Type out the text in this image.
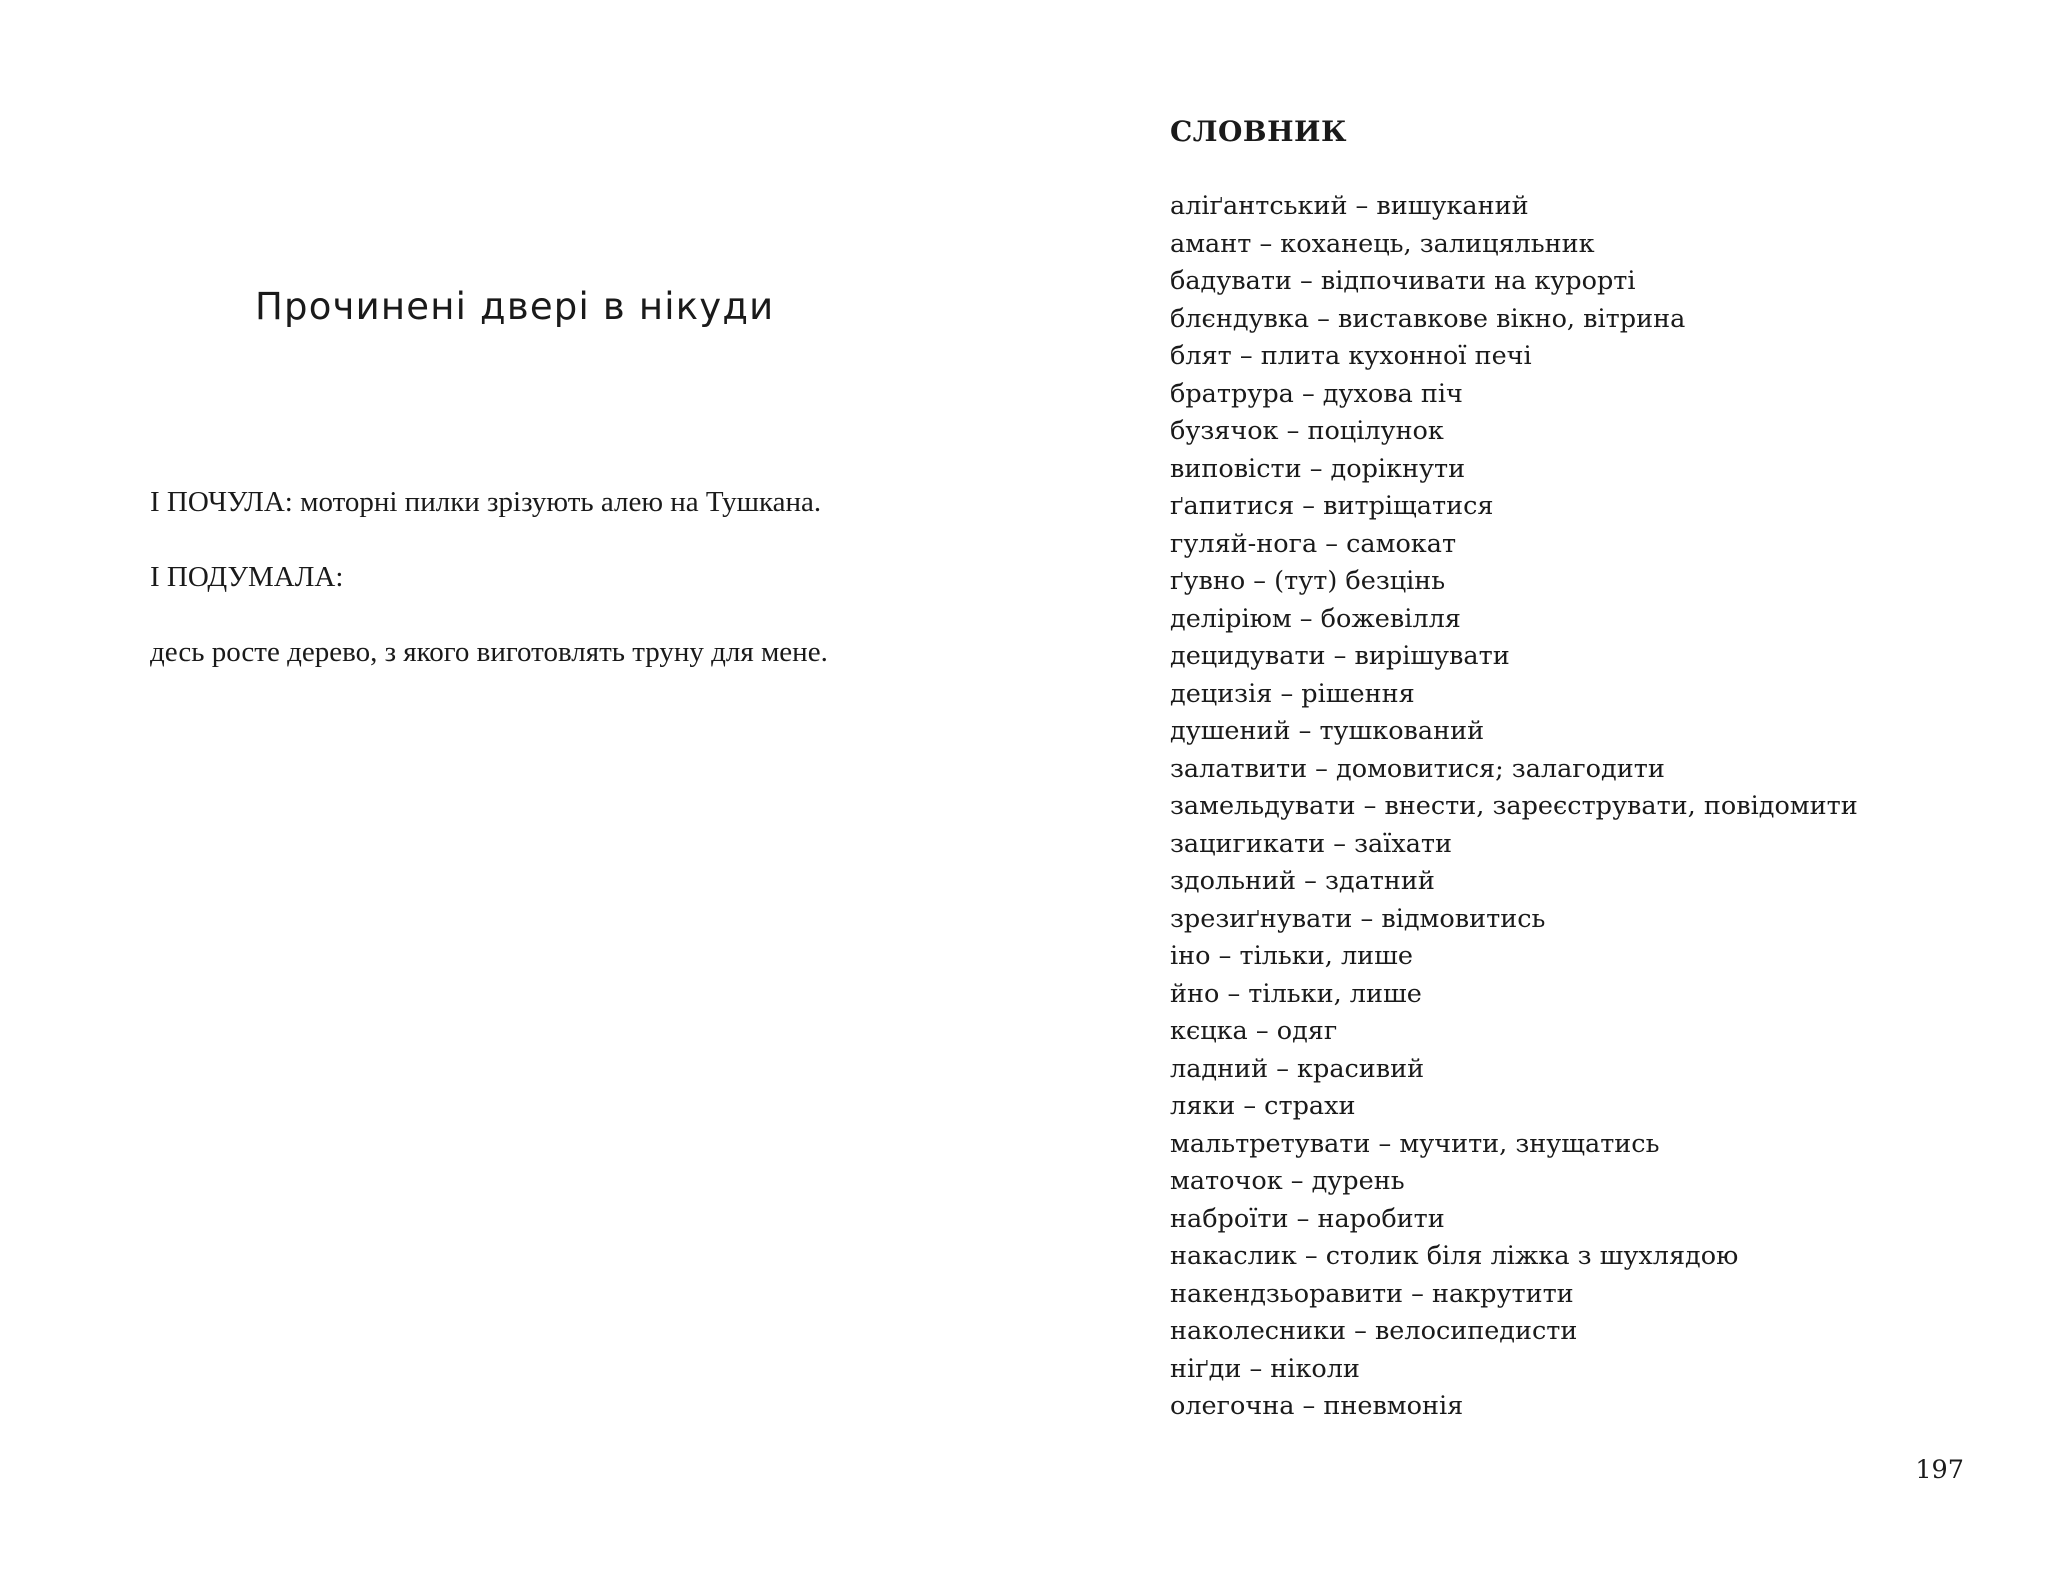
Прочинені двері в нікуди

І ПОЧУЛА: моторні пилки зрізують алею на Тушкана.

І ПОДУМАЛА:

десь росте дерево, з якого виготовлять труну для мене.

СЛОВНИК
аліґантський – вишуканий
амант – коханець, залицяльник
бадувати – відпочивати на курорті
блєндувка – виставкове вікно, вітрина
блят – плита кухонної печі
братрура – духова піч
бузячок – поцілунок
виповісти – дорікнути
ґапитися – витріщатися
гуляй-нога – самокат
ґувно – (тут) безцінь
деліріюм – божевілля
децидувати – вирішувати
децизія – рішення
душений – тушкований
залатвити – домовитися; залагодити
замельдувати – внести, зареєструвати, повідомити
зацигикати – заїхати
здольний – здатний
зрезиґнувати – відмовитись
іно – тільки, лише
йно – тільки, лише
кєцка – одяг
ладний – красивий
ляки – страхи
мальтретувати – мучити, знущатись
маточок – дурень
наброїти – наробити
накаслик – столик біля ліжка з шухлядою
накендзьоравити – накрутити
наколесники – велосипедисти
ніґди – ніколи
олегочна – пневмонія

197
